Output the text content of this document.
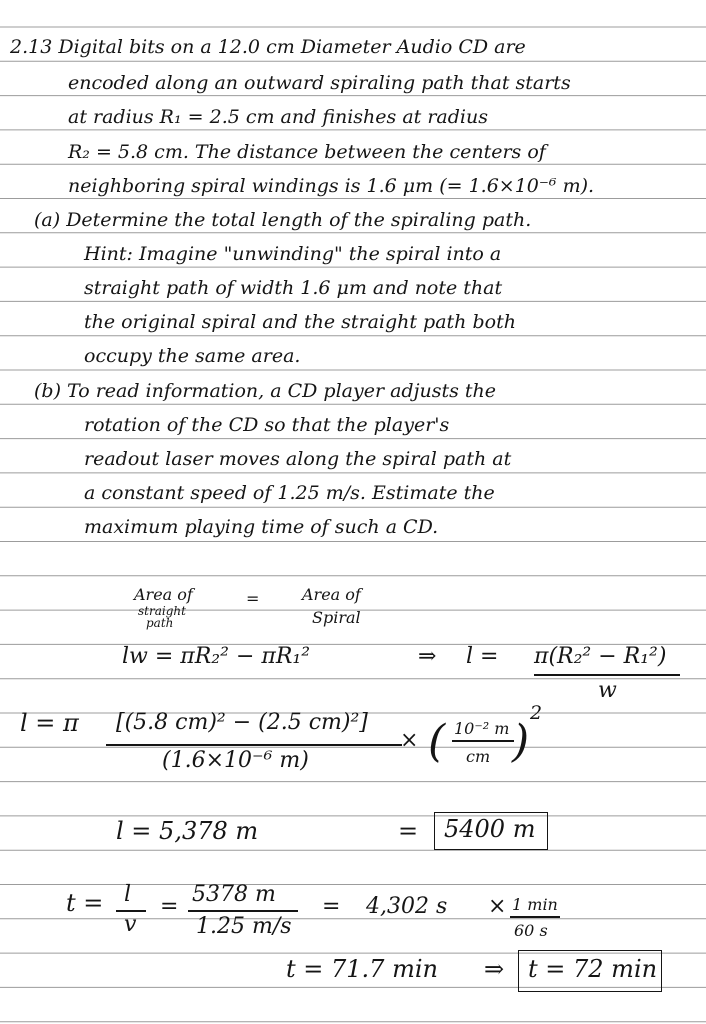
2.13 Digital bits on a 12.0 cm Diameter Audio CD are
encoded along an outward spiraling path that starts
at radius R₁ = 2.5 cm and finishes at radius
R₂ = 5.8 cm. The distance between the centers of
neighboring spiral windings is 1.6 μm (= 1.6×10⁻⁶ m).
(a) Determine the total length of the spiraling path.
Hint: Imagine "unwinding" the spiral into a
straight path of width 1.6 μm and note that
the original spiral and the straight path both
occupy the same area.
(b) To read information, a CD player adjusts the
rotation of the CD so that the player's
readout laser moves along the spiral path at
a constant speed of 1.25 m/s. Estimate the
maximum playing time of such a CD.
Area of
straight
path
=	Area of
Spiral
lw = πR₂² − πR₁²	⇒ l = π(R₂² − R₁²)
w
l = π [(5.8 cm)² − (2.5 cm)²]
(1.6×10⁻⁶ m)
× ( 10⁻² m
cm )
2
l = 5,378 m	= 5400 m
t = l
v
= 5378 m
1.25 m/s
= 4,302 s × 1 min
60 s
t = 71.7 min ⇒ t = 72 min
